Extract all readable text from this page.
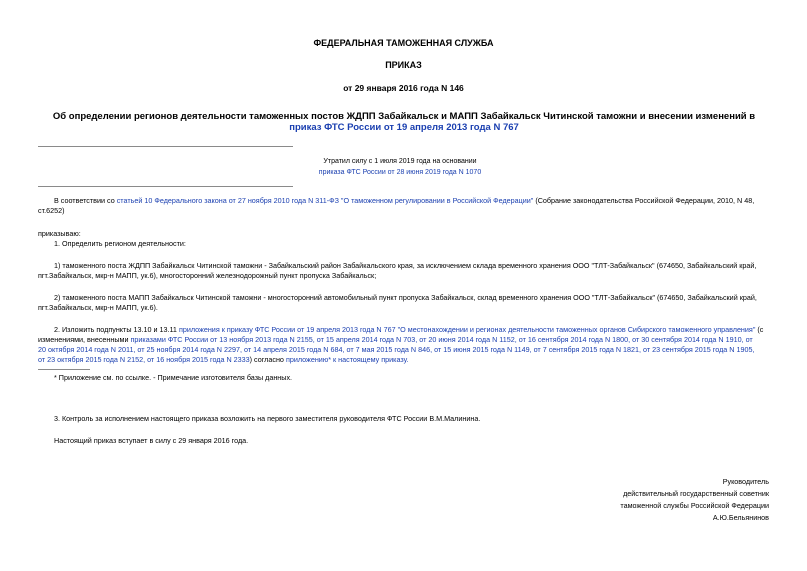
ФЕДЕРАЛЬНАЯ ТАМОЖЕННАЯ СЛУЖБА
ПРИКАЗ
от 29 января 2016 года N 146
Об определении регионов деятельности таможенных постов ЖДПП Забайкальск и МАПП Забайкальск Читинской таможни и внесении изменений в приказ ФТС России от 19 апреля 2013 года N 767
Утратил силу с 1 июля 2019 года на основании
приказа ФТС России от 28 июня 2019 года N 1070
В соответствии со статьей 10 Федерального закона от 27 ноября 2010 года N 311-ФЗ "О таможенном регулировании в Российской Федерации" (Собрание законодательства Российской Федерации, 2010, N 48,
ст.6252)
приказываю:
1. Определить регионом деятельности:
1) таможенного поста ЖДПП Забайкальск Читинской таможни - Забайкальский район Забайкальского края, за исключением склада временного хранения ООО "ТЛТ-Забайкальск" (674650, Забайкальский край,
пгт.Забайкальск, мкр-н МАПП, ук.6), многосторонний железнодорожный пункт пропуска Забайкальск;
2) таможенного поста МАПП Забайкальск Читинской таможни - многосторонний автомобильный пункт пропуска Забайкальск, склад временного хранения ООО "ТЛТ-Забайкальск" (674650, Забайкальский край,
пгт.Забайкальск, мкр-н МАПП, ук.6).
2. Изложить подпункты 13.10 и 13.11 приложения к приказу ФТС России от 19 апреля 2013 года N 767 "О местонахождении и регионах деятельности таможенных органов Сибирского таможенного управления" (с
изменениями, внесенными приказами ФТС России от 13 ноября 2013 года N 2155, от 15 апреля 2014 года N 703, от 20 июня 2014 года N 1152, от 16 сентября 2014 года N 1800, от 30 сентября 2014 года N 1910, от
20 октября 2014 года N 2011, от 25 ноября 2014 года N 2297, от 14 апреля 2015 года N 684, от 7 мая 2015 года N 846, от 15 июня 2015 года N 1149, от 7 сентября 2015 года N 1821, от 23 сентября 2015 года N 1905,
от 23 октября 2015 года N 2152, от 16 ноября 2015 года N 2333) согласно приложению* к настоящему приказу.
* Приложение см. по ссылке. - Примечание изготовителя базы данных.
3. Контроль за исполнением настоящего приказа возложить на первого заместителя руководителя ФТС России В.М.Малинина.
Настоящий приказ вступает в силу с 29 января 2016 года.
Руководитель
действительный государственный советник
таможенной службы Российской Федерации
А.Ю.Бельянинов
